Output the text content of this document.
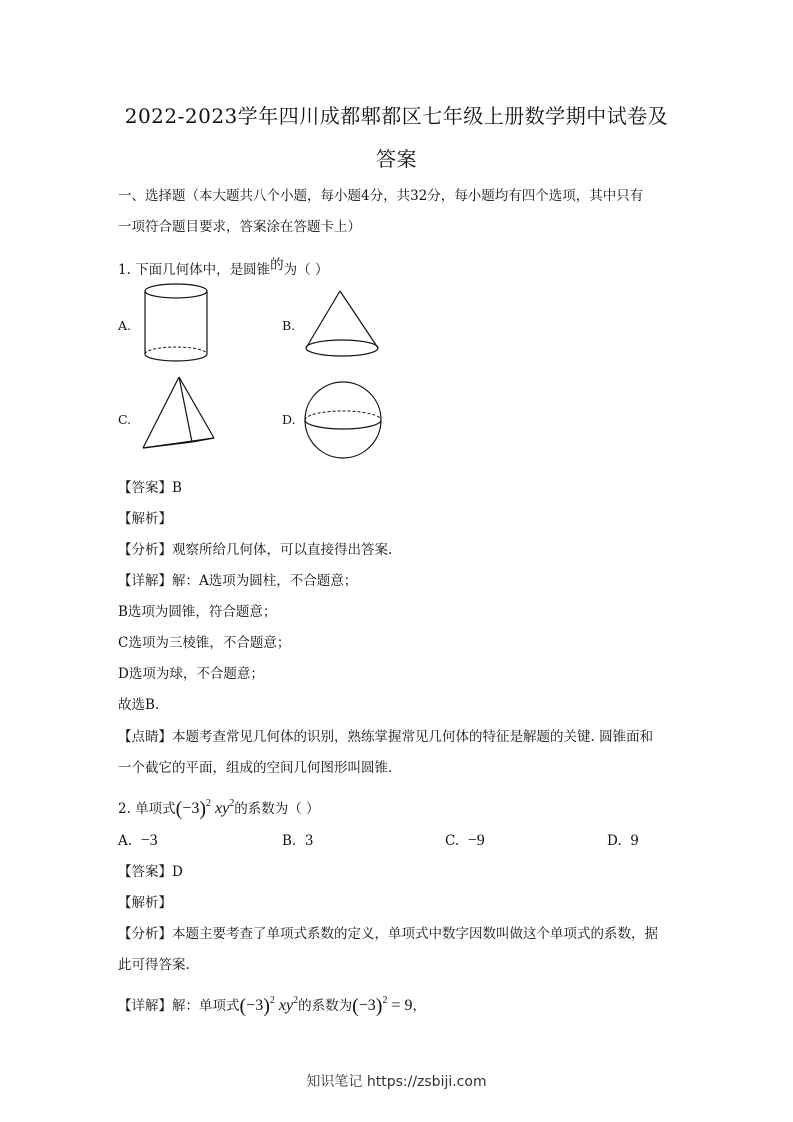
2022-2023学年四川成都郫都区七年级上册数学期中试卷及
答案
一、选择题（本大题共八个小题，每小题4分，共32分，每小题均有四个选项，其中只有
一项符合题目要求，答案涂在答题卡上）
1. 下面几何体中，是圆锥的为（ ）
A.	B.
C.	D.
【答案】B
【解析】
【分析】观察所给几何体，可以直接得出答案.
【详解】解：A选项为圆柱，不合题意；
B选项为圆锥，符合题意；
C选项为三棱锥，不合题意；
D选项为球，不合题意；
故选B.
【点睛】本题考查常见几何体的识别，熟练掌握常见几何体的特征是解题的关键. 圆锥面和
一个截它的平面，组成的空间几何图形叫圆锥.
2. 单项式$(-3)^2$ $xy^2$的系数为（ ）
A. −3	B. 3	C. −9	D. 9
【答案】D
【解析】
【分析】本题主要考查了单项式系数的定义，单项式中数字因数叫做这个单项式的系数，据
此可得答案.
【详解】解：单项式$(-3)^2$ $xy^2$的系数为$(-3)^2 = 9$，
知识笔记 https://zsbiji.com
